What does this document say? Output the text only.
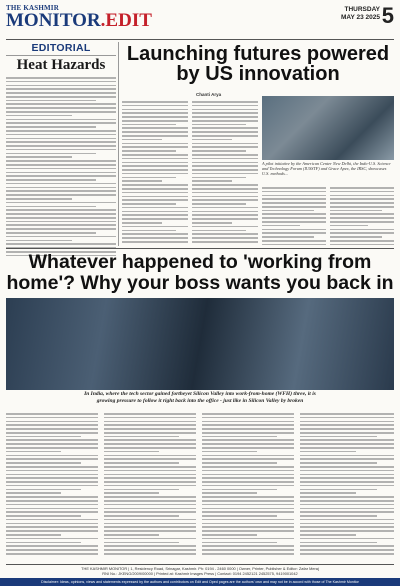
THE KASHMIR
MONITOR.EDIT
THURSDAY
MAY 23 2025 5
EDITORIAL
Heat Hazards	Launching futures powered by US innovation
Chanti Arya
A pilot initiative by the American Center New Delhi, the Indo-U.S. Science and Technology Forum (IUSSTF) and Grace Apex, the IRSC, showcases U.S. methods...
Whatever happened to 'working from home'? Why your boss wants you back in
In India, where the tech sector gained fortheyet Silicon Valley into work-from-home (WFH) three, it is growing pressure to follow it right back into the office - just like in Silicon Valley by broken
THE KASHMIR MONITOR | 1, Residency Road, Srinagar, Kashmir. Ph: 0194 - 2460 0000 | Owner, Printer, Publisher & Editor: Zafar Meraj
RNI No.: JKENG/2009/00000 | Printed at: Kashmir Images Press | Contact: 0194 2452121 2452575, 9419001042
Disclaimer: Ideas, opinions, views and statements expressed by the authors and contributors on Edit and Oped pages are the authors' own and may not be in accord with those of The Kashmir Monitor
